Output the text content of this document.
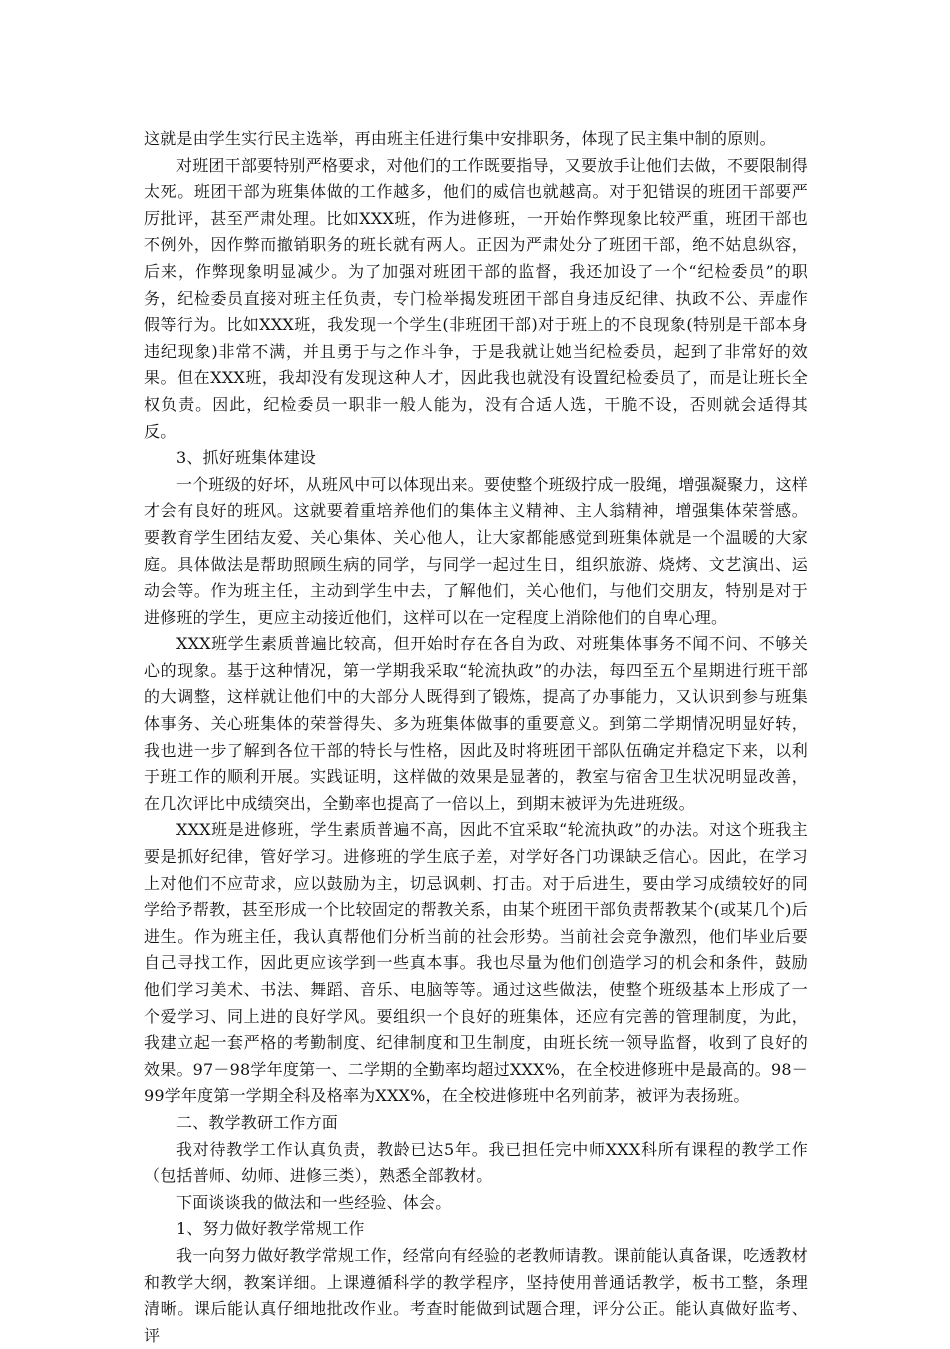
这就是由学生实行民主选举，再由班主任进行集中安排职务，体现了民主集中制的原则。

对班团干部要特别严格要求，对他们的工作既要指导，又要放手让他们去做，不要限制得太死。班团干部为班集体做的工作越多，他们的威信也就越高。对于犯错误的班团干部要严厉批评，甚至严肃处理。比如XXX班，作为进修班，一开始作弊现象比较严重，班团干部也不例外，因作弊而撤销职务的班长就有两人。正因为严肃处分了班团干部，绝不姑息纵容，后来，作弊现象明显减少。为了加强对班团干部的监督，我还加设了一个“纪检委员”的职务，纪检委员直接对班主任负责，专门检举揭发班团干部自身违反纪律、执政不公、弄虚作假等行为。比如XXX班，我发现一个学生(非班团干部)对于班上的不良现象(特别是干部本身违纪现象)非常不满，并且勇于与之作斗争，于是我就让她当纪检委员，起到了非常好的效果。但在XXX班，我却没有发现这种人才，因此我也就没有设置纪检委员了，而是让班长全权负责。因此，纪检委员一职非一般人能为，没有合适人选，干脆不设，否则就会适得其反。

3、抓好班集体建设

一个班级的好坏，从班风中可以体现出来。要使整个班级拧成一股绳，增强凝聚力，这样才会有良好的班风。这就要着重培养他们的集体主义精神、主人翁精神，增强集体荣誉感。要教育学生团结友爱、关心集体、关心他人，让大家都能感觉到班集体就是一个温暖的大家庭。具体做法是帮助照顾生病的同学，与同学一起过生日，组织旅游、烧烤、文艺演出、运动会等。作为班主任，主动到学生中去，了解他们，关心他们，与他们交朋友，特别是对于进修班的学生，更应主动接近他们，这样可以在一定程度上消除他们的自卑心理。

XXX班学生素质普遍比较高，但开始时存在各自为政、对班集体事务不闻不问、不够关心的现象。基于这种情况，第一学期我采取“轮流执政”的办法，每四至五个星期进行班干部的大调整，这样就让他们中的大部分人既得到了锻炼，提高了办事能力，又认识到参与班集体事务、关心班集体的荣誉得失、多为班集体做事的重要意义。到第二学期情况明显好转，我也进一步了解到各位干部的特长与性格，因此及时将班团干部队伍确定并稳定下来，以利于班工作的顺利开展。实践证明，这样做的效果是显著的，教室与宿舍卫生状况明显改善，在几次评比中成绩突出，全勤率也提高了一倍以上，到期末被评为先进班级。

XXX班是进修班，学生素质普遍不高，因此不宜采取“轮流执政”的办法。对这个班我主要是抓好纪律，管好学习。进修班的学生底子差，对学好各门功课缺乏信心。因此，在学习上对他们不应苛求，应以鼓励为主，切忌讽刺、打击。对于后进生，要由学习成绩较好的同学给予帮教，甚至形成一个比较固定的帮教关系，由某个班团干部负责帮教某个(或某几个)后进生。作为班主任，我认真帮他们分析当前的社会形势。当前社会竞争激烈，他们毕业后要自己寻找工作，因此更应该学到一些真本事。我也尽量为他们创造学习的机会和条件，鼓励他们学习美术、书法、舞蹈、音乐、电脑等等。通过这些做法，使整个班级基本上形成了一个爱学习、同上进的良好学风。要组织一个良好的班集体，还应有完善的管理制度，为此，我建立起一套严格的考勤制度、纪律制度和卫生制度，由班长统一领导监督，收到了良好的效果。97－98学年度第一、二学期的全勤率均超过XXX%，在全校进修班中是最高的。98－99学年度第一学期全科及格率为XXX%，在全校进修班中名列前茅，被评为表扬班。

二、教学教研工作方面

我对待教学工作认真负责，教龄已达5年。我已担任完中师XXX科所有课程的教学工作（包括普师、幼师、进修三类），熟悉全部教材。

下面谈谈我的做法和一些经验、体会。

1、努力做好教学常规工作

我一向努力做好教学常规工作，经常向有经验的老教师请教。课前能认真备课，吃透教材和教学大纲，教案详细。上课遵循科学的教学程序，坚持使用普通话教学，板书工整，条理清晰。课后能认真仔细地批改作业。考查时能做到试题合理，评分公正。能认真做好监考、评
